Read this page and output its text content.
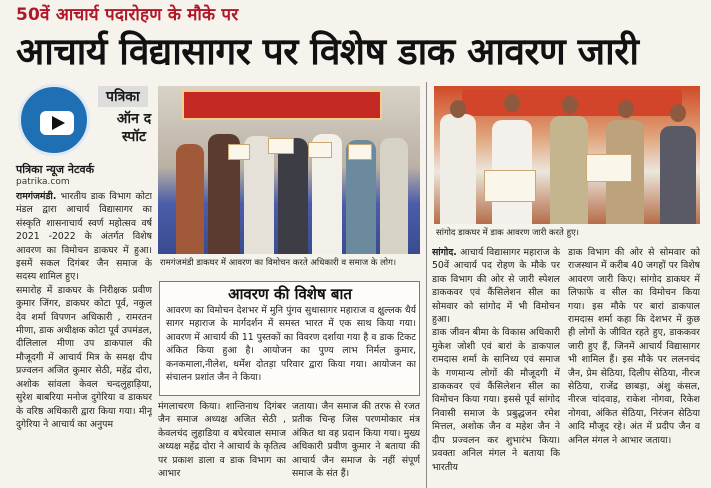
50वें आचार्य पदारोहण के मौके पर
आचार्य विद्यासागर पर विशेष डाक आवरण जारी
पत्रिका
ऑन द
स्पॉट
पत्रिका न्यूज नेटवर्क
patrika.com
रामगंजमंडी डाकघर में आवरण का विमोचन करते अधिकारी व समाज के लोग।
सांगोद डाकघर में डाक आवरण जारी करते हुए।
रामगंजमंडी. भारतीय डाक विभाग कोटा मंडल द्वारा आचार्य विद्यासागर का संस्कृति शासनाचार्य स्वर्ण महोत्सव वर्ष 2021 -2022 के अंतर्गत विशेष आवरण का विमोचन डाकघर में हुआ। इसमें सकल दिगंबर जैन समाज के सदस्य शामिल हुए।
समारोह में डाकघर के निरीक्षक प्रवीण कुमार जिंगर, डाकघर कोटा पूर्व, नकुल देव शर्मा विपणन अधिकारी , रामरतन मीणा, डाक अधीक्षक कोटा पूर्व उपमंडल, दीलिलाल मीणा उप डाकपाल की मौजूदगी में आचार्य मित्र के समक्ष दीप प्रज्वलन अजित कुमार सेठी, महेंद्र दोरा, अशोक सांवला केवल चन्दलुहाड़िया, सुरेश बाबरिया मनोज दुगेरिया व डाकघर के वरिष्ठ अधिकारी द्वारा किया गया। मीनू दुगेरिया ने आचार्य का अनुपम
आवरण की विशेष बात
आवरण का विमोचन देशभर में मुनि पुंगव सुधासागर महाराज व क्षुल्लक धैर्य सागर महाराज के मार्गदर्शन में समस्त भारत में एक साथ किया गया। आवरण में आचार्य की 11 पुस्तकों का विवरण दर्शाया गया है व डाक टिकट अंकित किया हुआ है। आयोजन का पुण्य लाभ निर्मल कुमार, कनकमाला,नीलेश, धर्मेश दोतड़ा परिवार द्वारा किया गया। आयोजन का संचालन प्रशांत जैन ने किया।
मंगलाचरण किया। शान्तिनाथ दिगंबर जैन समाज अध्यक्ष अजित सेठी , केवलचंद लुहाडिया व बघेरवाल समाज अध्यक्ष महेंद्र दोरा ने आचार्य के कृतित्व पर प्रकाश डाला व डाक विभाग का आभार
जताया। जैन समाज की तरफ से रजत प्रतीक चिन्ह जिस परणमोकार मंत्र अंकित था वह प्रदान किया गया। मुख्य अधिकारी प्रवीण कुमार ने बताया की आचार्य जैन समाज के नहीं संपूर्ण समाज के संत हैं।
सांगोद. आचार्य विद्यासागर महाराज के 50वें आचार्य पद रोहण के मौके पर डाक विभाग की ओर से जारी स्पेशल डाककवर एवं कैंसिलेशन सील का सोमवार को सांगोद में भी विमोचन हुआ।
डाक जीवन बीमा के विकास अधिकारी मुकेश जोशी एवं बारां के डाकपाल रामदास शर्मा के सानिध्य एवं समाज के गणमान्य लोगों की मौजूदगी में डाककवर एवं कैंसिलेशन सील का विमोचन किया गया। इससे पूर्व सांगोद निवासी समाज के प्रबुद्धजन रमेश मित्तल, अशोक जैन व महेश जैन ने दीप प्रज्वलन कर शुभारंभ किया। प्रवक्ता अनिल मंगल ने बताया कि भारतीय
डाक विभाग की ओर से सोमवार को राजस्थान में करीब 40 जगहों पर विशेष आवरण जारी किए। सांगोद डाकघर में लिफाफे व सील का विमोचन किया गया। इस मौके पर बारां डाकपाल रामदास शर्मा कहा कि देशभर में कुछ ही लोगों के जीवित रहते हुए, डाककवर जारी हुए हैं, जिनमें आचार्य विद्यासागर भी शामिल हैं। इस मौके पर ललनचंद जैन, प्रेम सेठिया, दिलीप सेठिया, नीरज सेठिया, राजेंद्र छाबड़ा, अंशु कंसल, नीरज चांदवाड़, राकेश नोगवा, रिकेश नोगवा, अंकित सेठिया, निरंजन सेठिया आदि मौजूद रहे। अंत में प्रदीप जैन व अनिल मंगल ने आभार जताया।
